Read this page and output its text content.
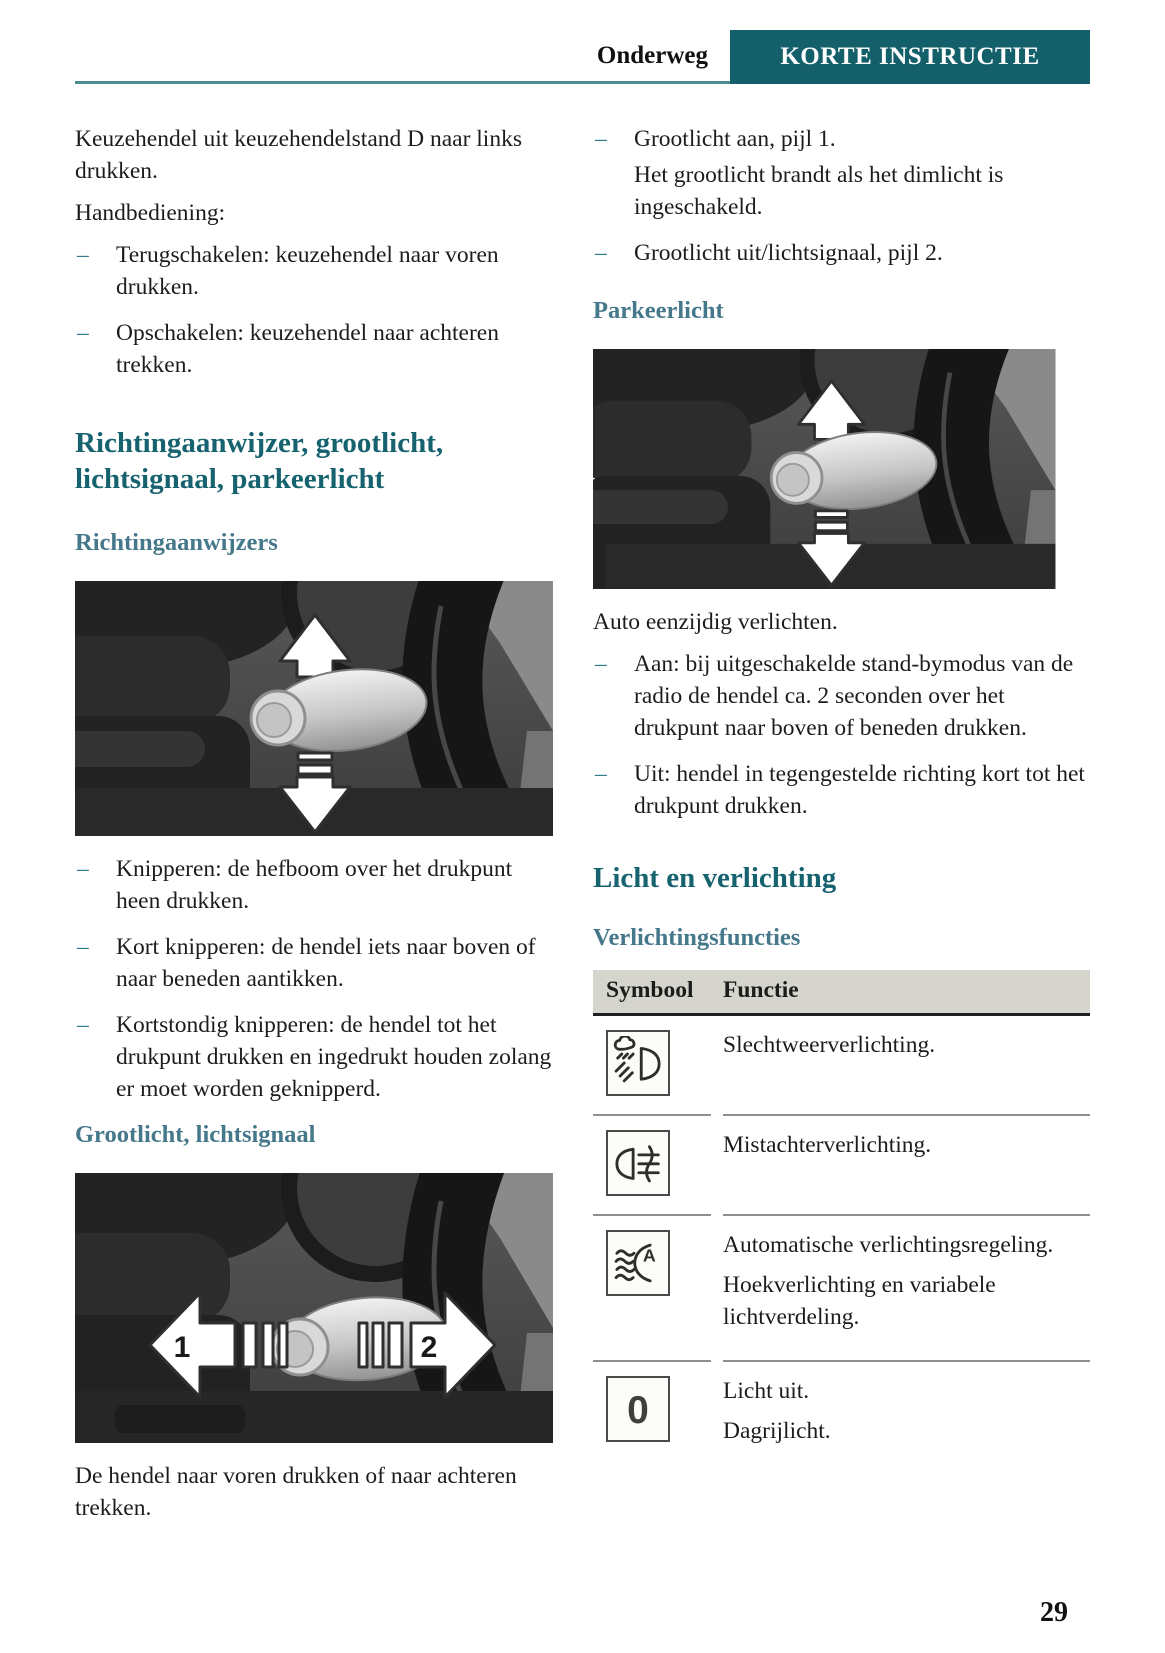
Onderweg	KORTE INSTRUCTIE

Keuzehendel uit keuzehendelstand D naar links drukken.

Handbediening:

– Terugschakelen: keuzehendel naar voren drukken.
– Opschakelen: keuzehendel naar achteren trekken.
Richtingaanwijzer, grootlicht, lichtsignaal, parkeerlicht
Richtingaanwijzers
– Knipperen: de hefboom over het drukpunt heen drukken.
– Kort knipperen: de hendel iets naar boven of naar beneden aantikken.
– Kortstondig knipperen: de hendel tot het drukpunt drukken en ingedrukt houden zolang er moet worden geknipperd.
Grootlicht, lichtsignaal

De hendel naar voren drukken of naar achteren trekken.

– Grootlicht aan, pijl 1.

Het grootlicht brandt als het dimlicht is ingeschakeld.

– Grootlicht uit/lichtsignaal, pijl 2.
Parkeerlicht

Auto eenzijdig verlichten.

– Aan: bij uitgeschakelde stand-bymodus van de radio de hendel ca. 2 seconden over het drukpunt naar boven of beneden drukken.
– Uit: hendel in tegengestelde richting kort tot het drukpunt drukken.
Licht en verlichting
Verlichtingsfuncties
Symbool	Functie

Slechtweerverlichting.

Mistachterverlichting.

A	Automatische verlichtingsregeling.

Hoekverlichting en variabele lichtverdeling.

0	Licht uit.

Dagrijlicht.

29
